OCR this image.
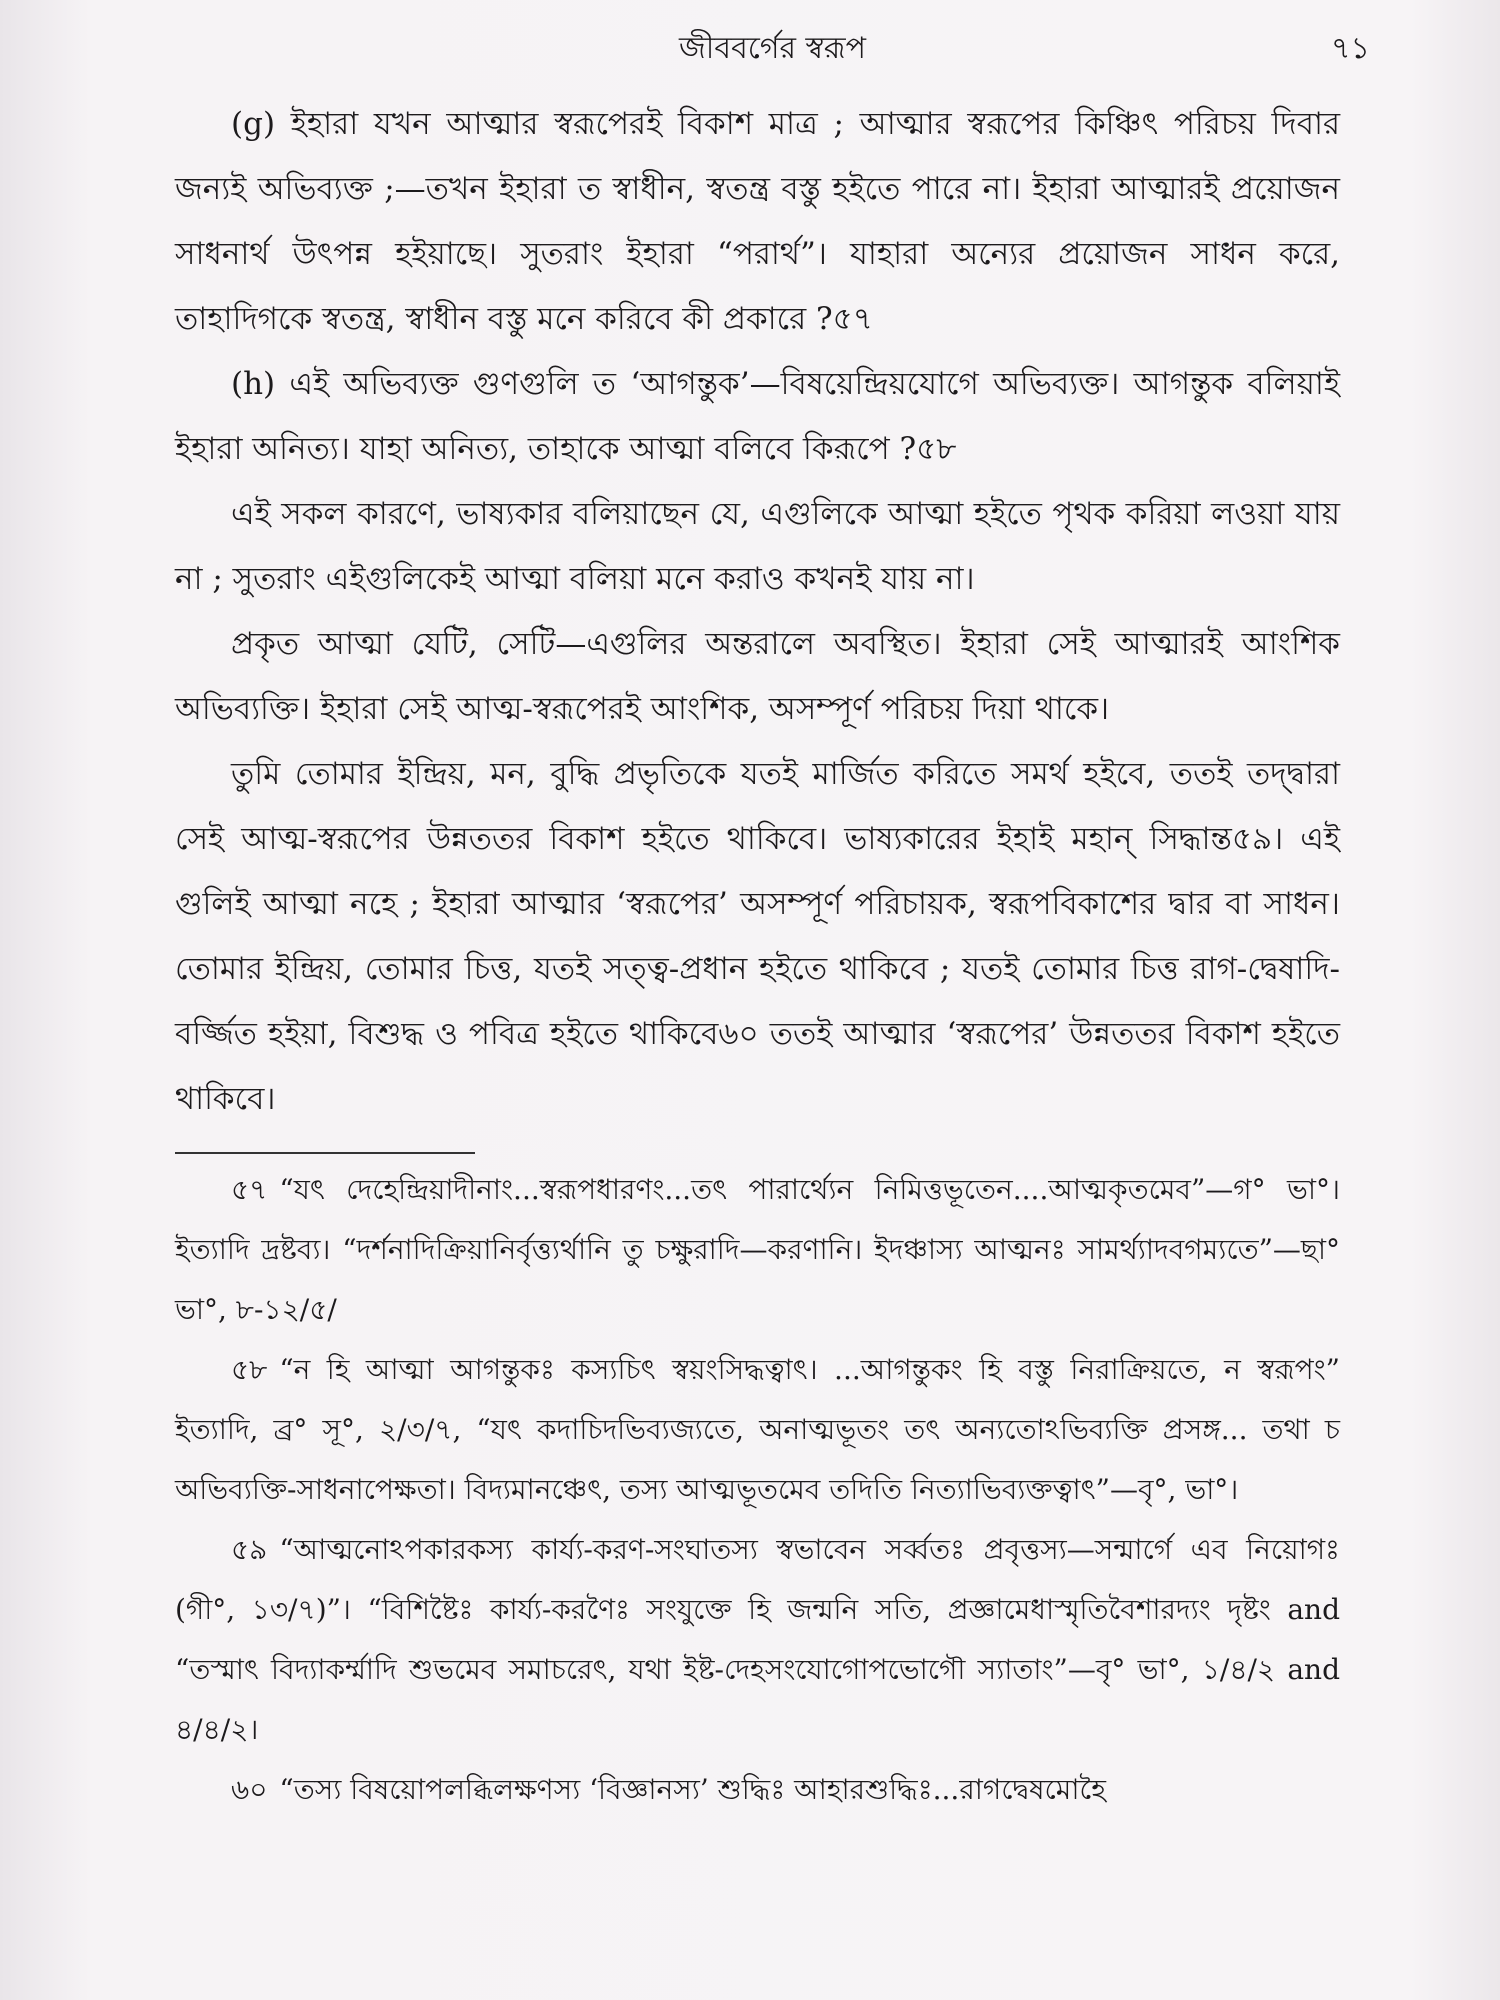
জীববর্গের স্বরূপ	৭১

(g) ইহারা যখন আত্মার স্বরূপেরই বিকাশ মাত্র ; আত্মার স্বরূপের কিঞ্চিৎ পরিচয় দিবার জন্যই অভিব্যক্ত ;—তখন ইহারা ত স্বাধীন, স্বতন্ত্র বস্তু হইতে পারে না। ইহারা আত্মারই প্রয়োজন সাধনার্থ উৎপন্ন হইয়াছে। সুতরাং ইহারা “পরার্থ”। যাহারা অন্যের প্রয়োজন সাধন করে, তাহাদিগকে স্বতন্ত্র, স্বাধীন বস্তু মনে করিবে কী প্রকারে ?৫৭

(h) এই অভিব্যক্ত গুণগুলি ত ‘আগন্তুক’—বিষয়েন্দ্রিয়যোগে অভিব্যক্ত। আগন্তুক বলিয়াই ইহারা অনিত্য। যাহা অনিত্য, তাহাকে আত্মা বলিবে কিরূপে ?৫৮

এই সকল কারণে, ভাষ্যকার বলিয়াছেন যে, এগুলিকে আত্মা হইতে পৃথক করিয়া লওয়া যায় না ; সুতরাং এইগুলিকেই আত্মা বলিয়া মনে করাও কখনই যায় না।

প্রকৃত আত্মা যেটি, সেটি—এগুলির অন্তরালে অবস্থিত। ইহারা সেই আত্মারই আংশিক অভিব্যক্তি। ইহারা সেই আত্ম-স্বরূপেরই আংশিক, অসম্পূর্ণ পরিচয় দিয়া থাকে।

তুমি তোমার ইন্দ্রিয়, মন, বুদ্ধি প্রভৃতিকে যতই মার্জিত করিতে সমর্থ হইবে, ততই তদ্দ্বারা সেই আত্ম-স্বরূপের উন্নততর বিকাশ হইতে থাকিবে। ভাষ্যকারের ইহাই মহান্ সিদ্ধান্ত৫৯। এই গুলিই আত্মা নহে ; ইহারা আত্মার ‘স্বরূপের’ অসম্পূর্ণ পরিচায়ক, স্বরূপবিকাশের দ্বার বা সাধন। তোমার ইন্দ্রিয়, তোমার চিত্ত, যতই সত্ত্ব-প্রধান হইতে থাকিবে ; যতই তোমার চিত্ত রাগ-দ্বেষাদি-বর্জ্জিত হইয়া, বিশুদ্ধ ও পবিত্র হইতে থাকিবে৬০ ততই আত্মার ‘স্বরূপের’ উন্নততর বিকাশ হইতে থাকিবে।

৫৭ “যৎ দেহেন্দ্রিয়াদীনাং...স্বরূপধারণং...তৎ পারার্থ্যেন নিমিত্তভূতেন....আত্মকৃতমেব”—গ° ভা°। ইত্যাদি দ্রষ্টব্য। “দর্শনাদিক্রিয়ানির্বৃত্ত্যর্থানি তু চক্ষুরাদি—করণানি। ইদঞ্চাস্য আত্মনঃ সামর্থ্যাদবগম্যতে”—ছা° ভা°, ৮-১২/৫/

৫৮ “ন হি আত্মা আগন্তুকঃ কস্যচিৎ স্বয়ংসিদ্ধত্বাৎ। ...আগন্তুকং হি বস্তু নিরাক্রিয়তে, ন স্বরূপং” ইত্যাদি, ব্র° সূ°, ২/৩/৭, “যৎ কদাচিদভিব্যজ্যতে, অনাত্মভূতং তৎ অন্যতোঽভিব্যক্তি প্রসঙ্গ... তথা চ অভিব্যক্তি-সাধনাপেক্ষতা। বিদ্যমানঞ্চেৎ, তস্য আত্মভূতমেব তদিতি নিত্যাভিব্যক্তত্বাৎ”—বৃ°, ভা°।

৫৯ “আত্মনোঽপকারকস্য কার্য্য-করণ-সংঘাতস্য স্বভাবেন সর্ব্বতঃ প্রবৃত্তস্য—সন্মার্গে এব নিয়োগঃ (গী°, ১৩/৭)”। “বিশিষ্টৈঃ কার্য্য-করণৈঃ সংযুক্তে হি জন্মনি সতি, প্রজ্ঞামেধাস্মৃতিবৈশারদ্যং দৃষ্টং and “তস্মাৎ বিদ্যাকর্ম্মাদি শুভমেব সমাচরেৎ, যথা ইষ্ট-দেহসংযোগোপভোগৌ স্যাতাং”—বৃ° ভা°, ১/৪/২ and ৪/৪/২।

৬০ “তস্য বিষয়োপলব্ধিলক্ষণস্য ‘বিজ্ঞানস্য’ শুদ্ধিঃ আহারশুদ্ধিঃ...রাগদ্বেষমোহৈ
